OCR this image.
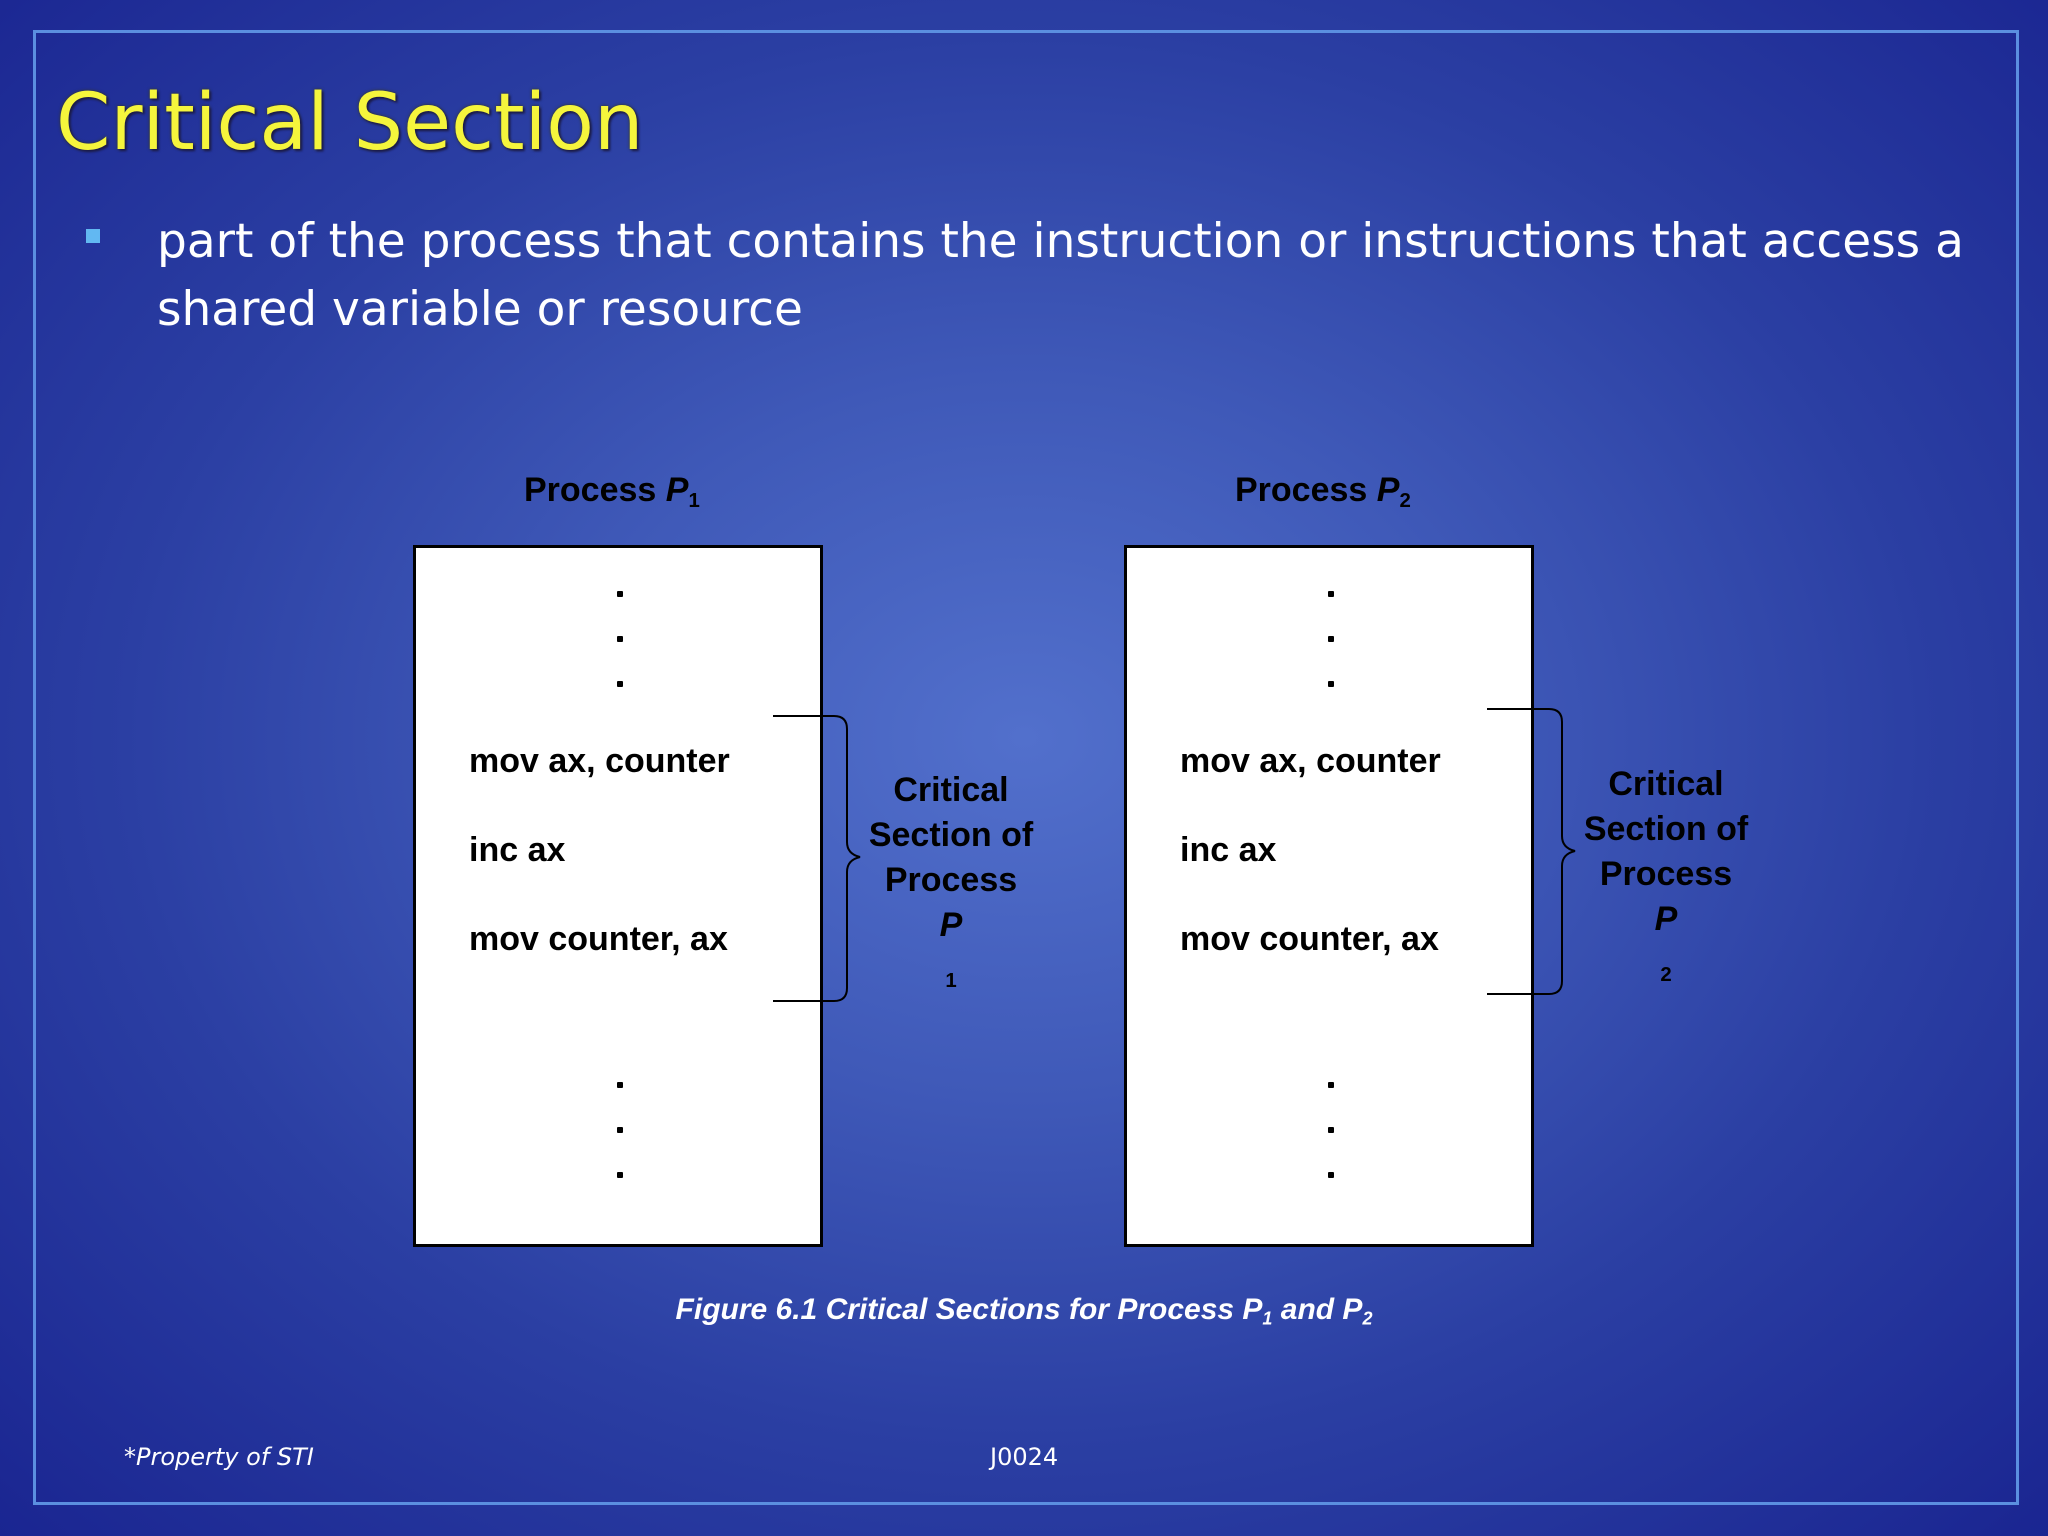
Critical Section
part of the process that contains the instruction or instructions that access a
shared variable or resource
Process $P_1$
mov ax, counter
inc ax
mov counter, ax
Critical
Section of
Process
P
$_1$
Process $P_2$
mov ax, counter
inc ax
mov counter, ax
Critical
Section of
Process
P
$_2$
Figure 6.1 Critical Sections for Process $P_1$ and $P_2$
*Property of STI	J0024
